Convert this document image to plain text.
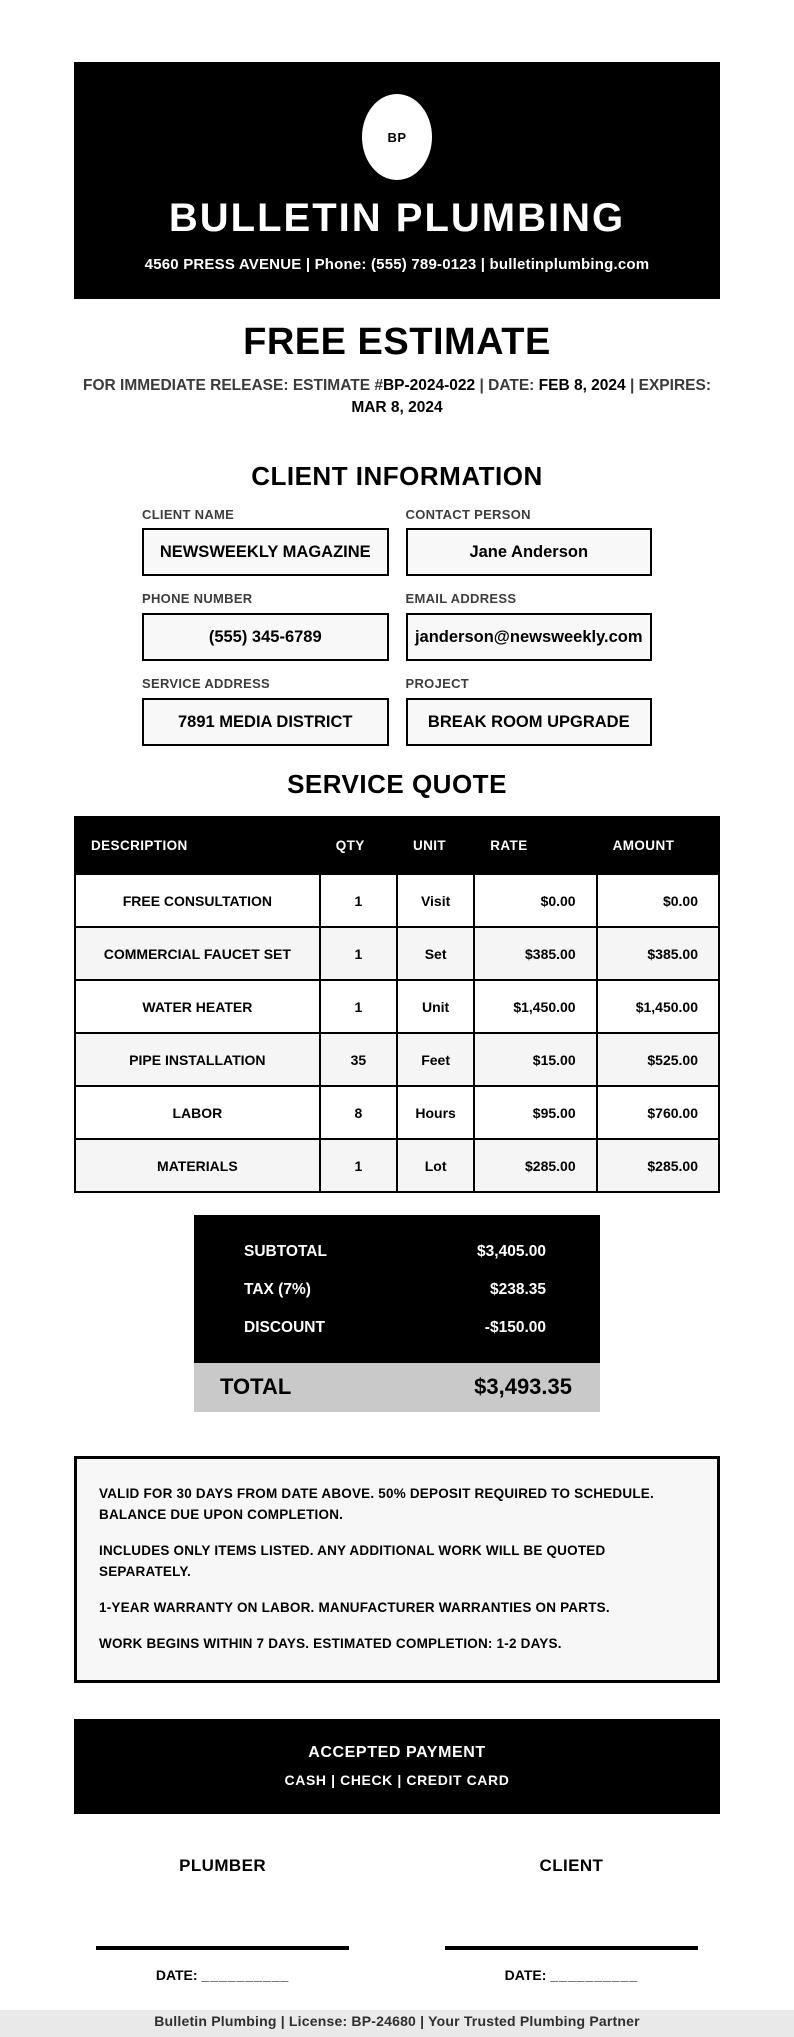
BP
BULLETIN PLUMBING
4560 PRESS AVENUE | Phone: (555) 789-0123 | bulletinplumbing.com
FREE ESTIMATE
FOR IMMEDIATE RELEASE: ESTIMATE #BP-2024-022 | DATE: FEB 8, 2024 | EXPIRES: MAR 8, 2024
CLIENT INFORMATION
CLIENT NAME
NEWSWEEKLY MAGAZINE
CONTACT PERSON
Jane Anderson
PHONE NUMBER
(555) 345-6789
EMAIL ADDRESS
janderson@newsweekly.com
SERVICE ADDRESS
7891 MEDIA DISTRICT
PROJECT
BREAK ROOM UPGRADE
SERVICE QUOTE
DESCRIPTION	QTY	UNIT	RATE	AMOUNT
FREE CONSULTATION	1	Visit	$0.00	$0.00
COMMERCIAL FAUCET SET	1	Set	$385.00	$385.00
WATER HEATER	1	Unit	$1,450.00	$1,450.00
PIPE INSTALLATION	35	Feet	$15.00	$525.00
LABOR	8	Hours	$95.00	$760.00
MATERIALS	1	Lot	$285.00	$285.00
SUBTOTAL	$3,405.00
TAX (7%)	$238.35
DISCOUNT	-$150.00
TOTAL	$3,493.35

VALID FOR 30 DAYS FROM DATE ABOVE. 50% DEPOSIT REQUIRED TO SCHEDULE. BALANCE DUE UPON COMPLETION.

INCLUDES ONLY ITEMS LISTED. ANY ADDITIONAL WORK WILL BE QUOTED SEPARATELY.

1-YEAR WARRANTY ON LABOR. MANUFACTURER WARRANTIES ON PARTS.

WORK BEGINS WITHIN 7 DAYS. ESTIMATED COMPLETION: 1-2 DAYS.

ACCEPTED PAYMENT
CASH | CHECK | CREDIT CARD
PLUMBER
DATE: __________
CLIENT
DATE: __________
Bulletin Plumbing | License: BP-24680 | Your Trusted Plumbing Partner
